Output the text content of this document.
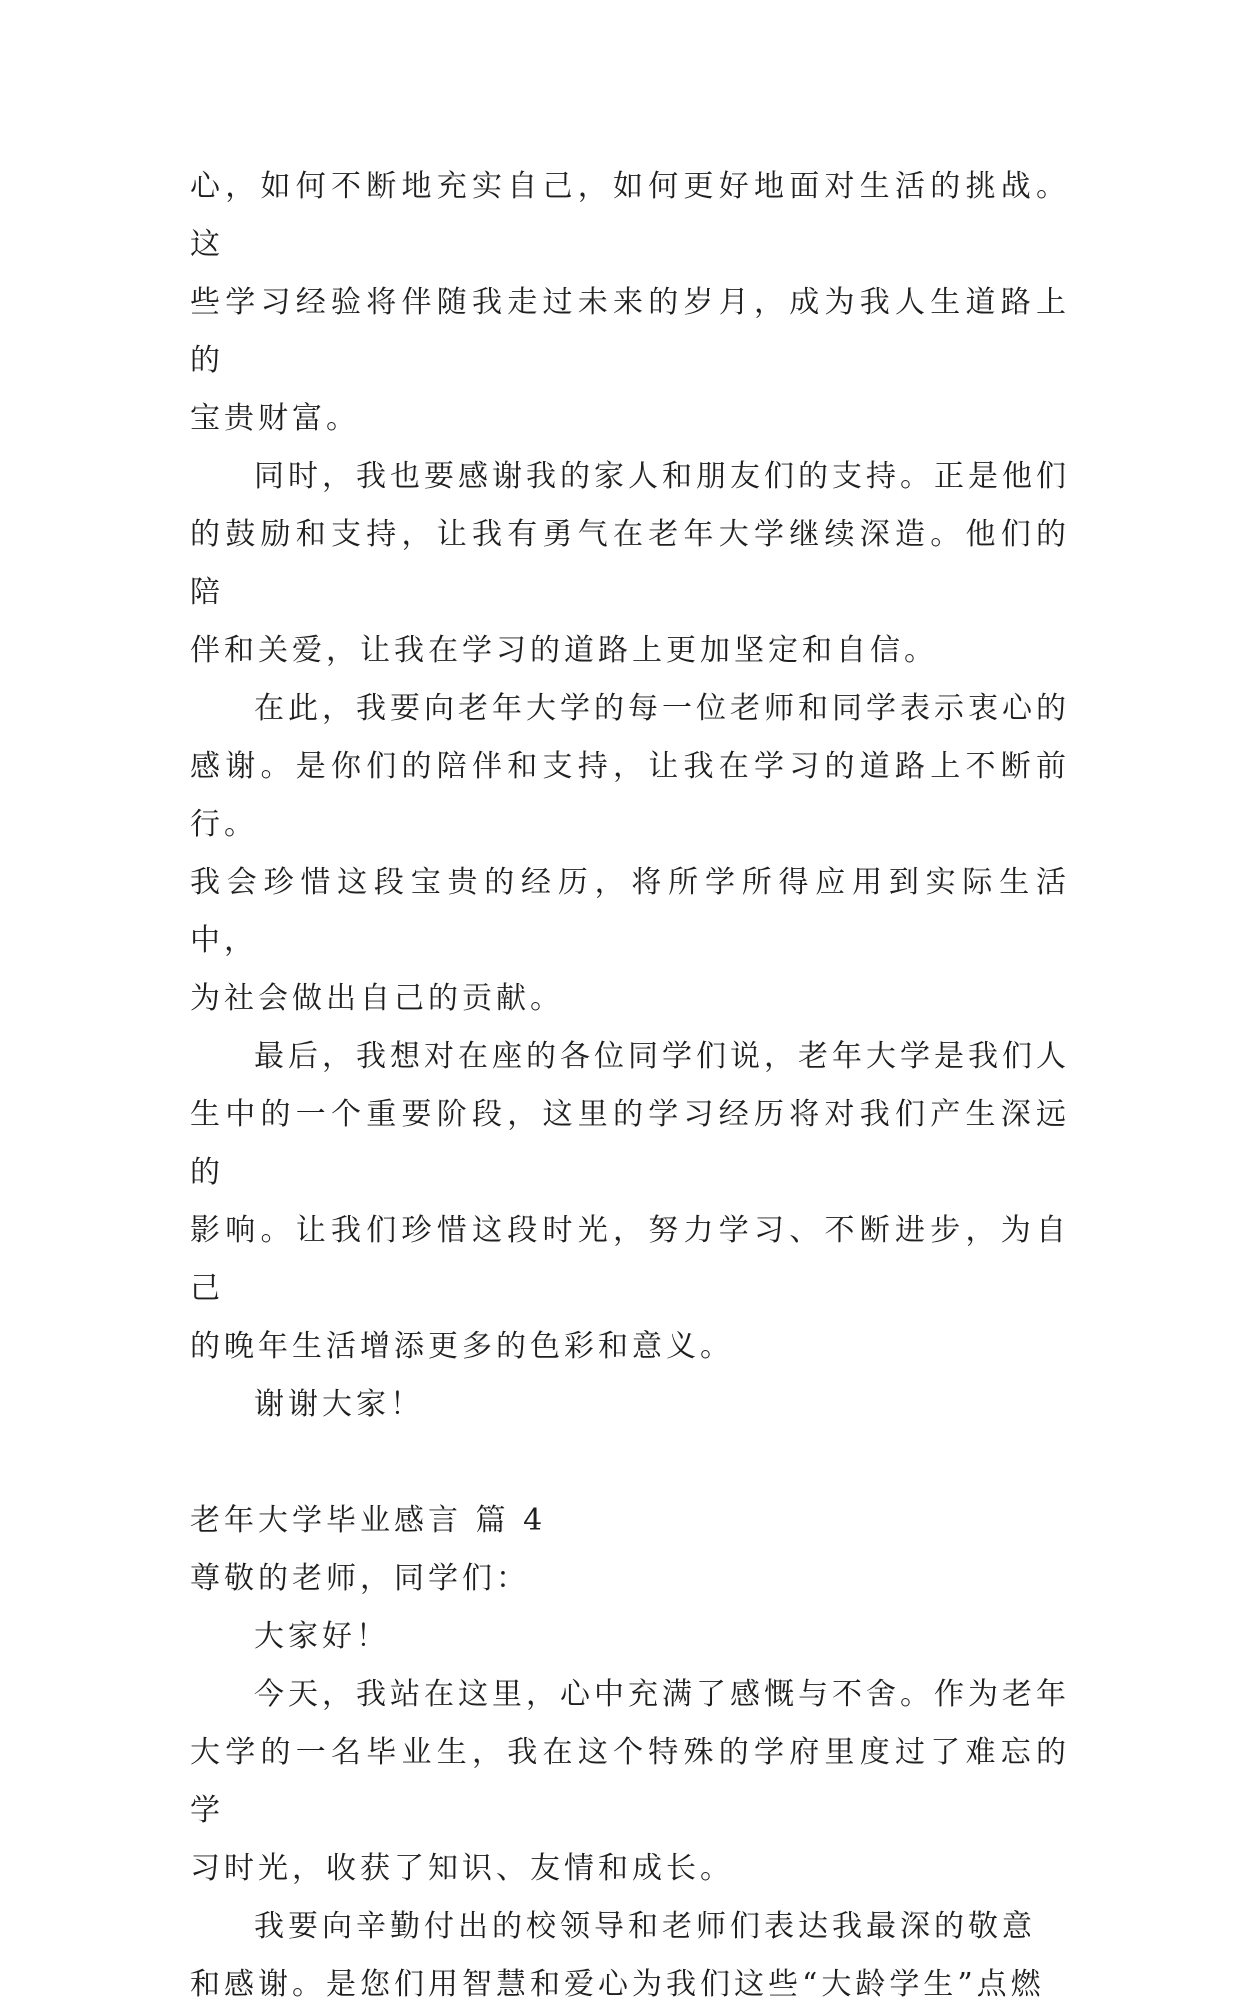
心，如何不断地充实自己，如何更好地面对生活的挑战。这
些学习经验将伴随我走过未来的岁月，成为我人生道路上的
宝贵财富。

同时，我也要感谢我的家人和朋友们的支持。正是他们
的鼓励和支持，让我有勇气在老年大学继续深造。他们的陪
伴和关爱，让我在学习的道路上更加坚定和自信。

在此，我要向老年大学的每一位老师和同学表示衷心的
感谢。是你们的陪伴和支持，让我在学习的道路上不断前行。
我会珍惜这段宝贵的经历，将所学所得应用到实际生活中，
为社会做出自己的贡献。

最后，我想对在座的各位同学们说，老年大学是我们人
生中的一个重要阶段，这里的学习经历将对我们产生深远的
影响。让我们珍惜这段时光，努力学习、不断进步，为自己
的晚年生活增添更多的色彩和意义。

谢谢大家！

老年大学毕业感言 篇 4

尊敬的老师，同学们：

大家好！

今天，我站在这里，心中充满了感慨与不舍。作为老年
大学的一名毕业生，我在这个特殊的学府里度过了难忘的学
习时光，收获了知识、友情和成长。

我要向辛勤付出的校领导和老师们表达我最深的敬意
和感谢。是您们用智慧和爱心为我们这些“大龄学生”点燃
